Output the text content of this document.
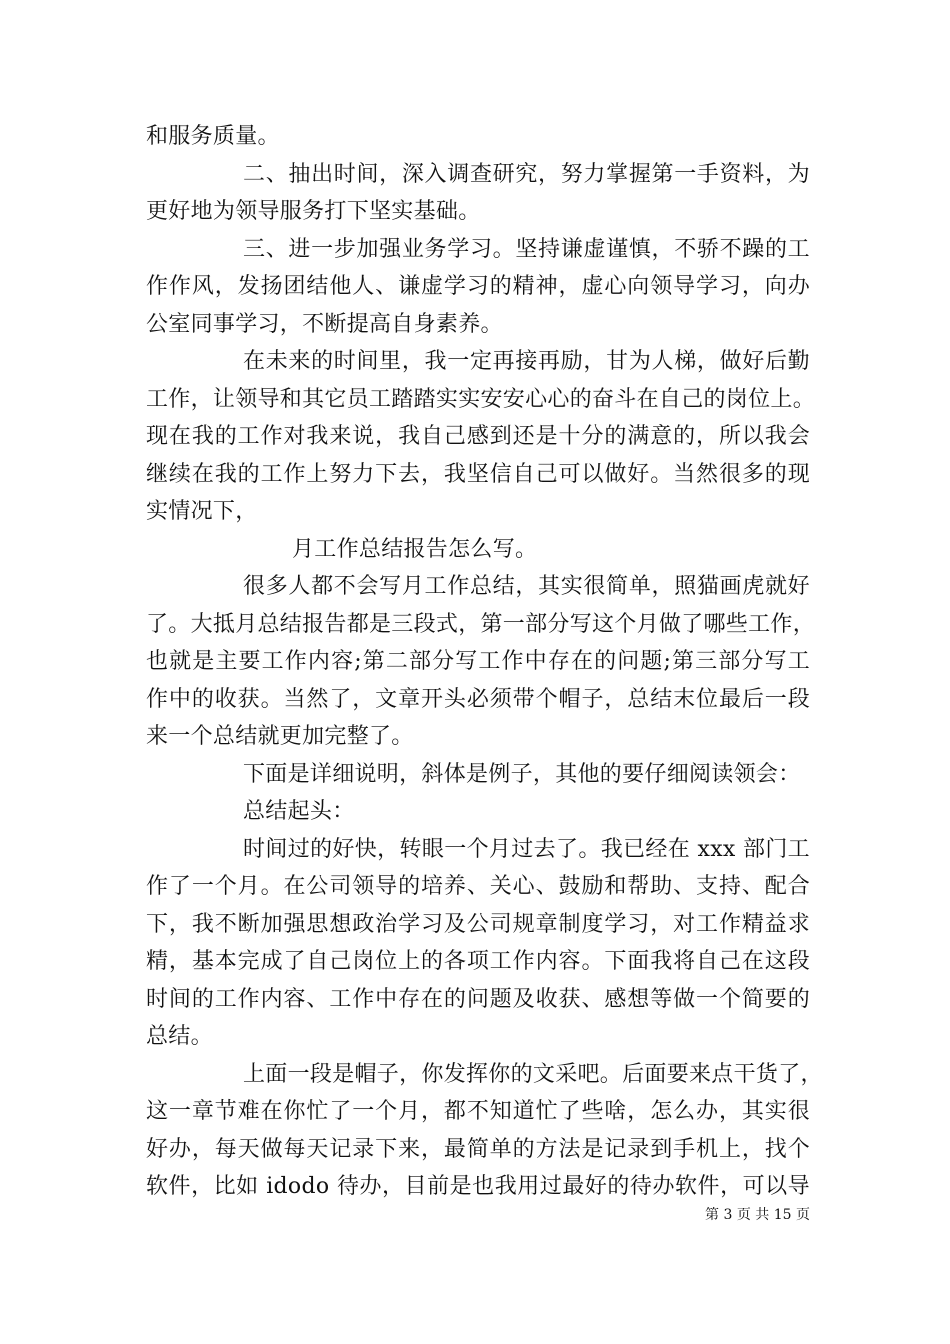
和服务质量。
二、抽出时间，深入调查研究，努力掌握第一手资料，为
更好地为领导服务打下坚实基础。
三、进一步加强业务学习。坚持谦虚谨慎，不骄不躁的工
作作风，发扬团结他人、谦虚学习的精神，虚心向领导学习，向办
公室同事学习，不断提高自身素养。
在未来的时间里，我一定再接再励，甘为人梯，做好后勤
工作，让领导和其它员工踏踏实实安安心心的奋斗在自己的岗位上。
现在我的工作对我来说，我自己感到还是十分的满意的，所以我会
继续在我的工作上努力下去，我坚信自己可以做好。当然很多的现
实情况下，
月工作总结报告怎么写。
很多人都不会写月工作总结，其实很简单，照猫画虎就好
了。大抵月总结报告都是三段式，第一部分写这个月做了哪些工作，
也就是主要工作内容;第二部分写工作中存在的问题;第三部分写工
作中的收获。当然了，文章开头必须带个帽子，总结末位最后一段
来一个总结就更加完整了。
下面是详细说明，斜体是例子，其他的要仔细阅读领会：
总结起头：
时间过的好快，转眼一个月过去了。我已经在 xxx 部门工
作了一个月。在公司领导的培养、关心、鼓励和帮助、支持、配合
下，我不断加强思想政治学习及公司规章制度学习，对工作精益求
精，基本完成了自己岗位上的各项工作内容。下面我将自己在这段
时间的工作内容、工作中存在的问题及收获、感想等做一个简要的
总结。
上面一段是帽子，你发挥你的文采吧。后面要来点干货了，
这一章节难在你忙了一个月，都不知道忙了些啥，怎么办，其实很
好办，每天做每天记录下来，最简单的方法是记录到手机上，找个
软件，比如 idodo 待办，目前是也我用过最好的待办软件，可以导
第 3 页 共 15 页
